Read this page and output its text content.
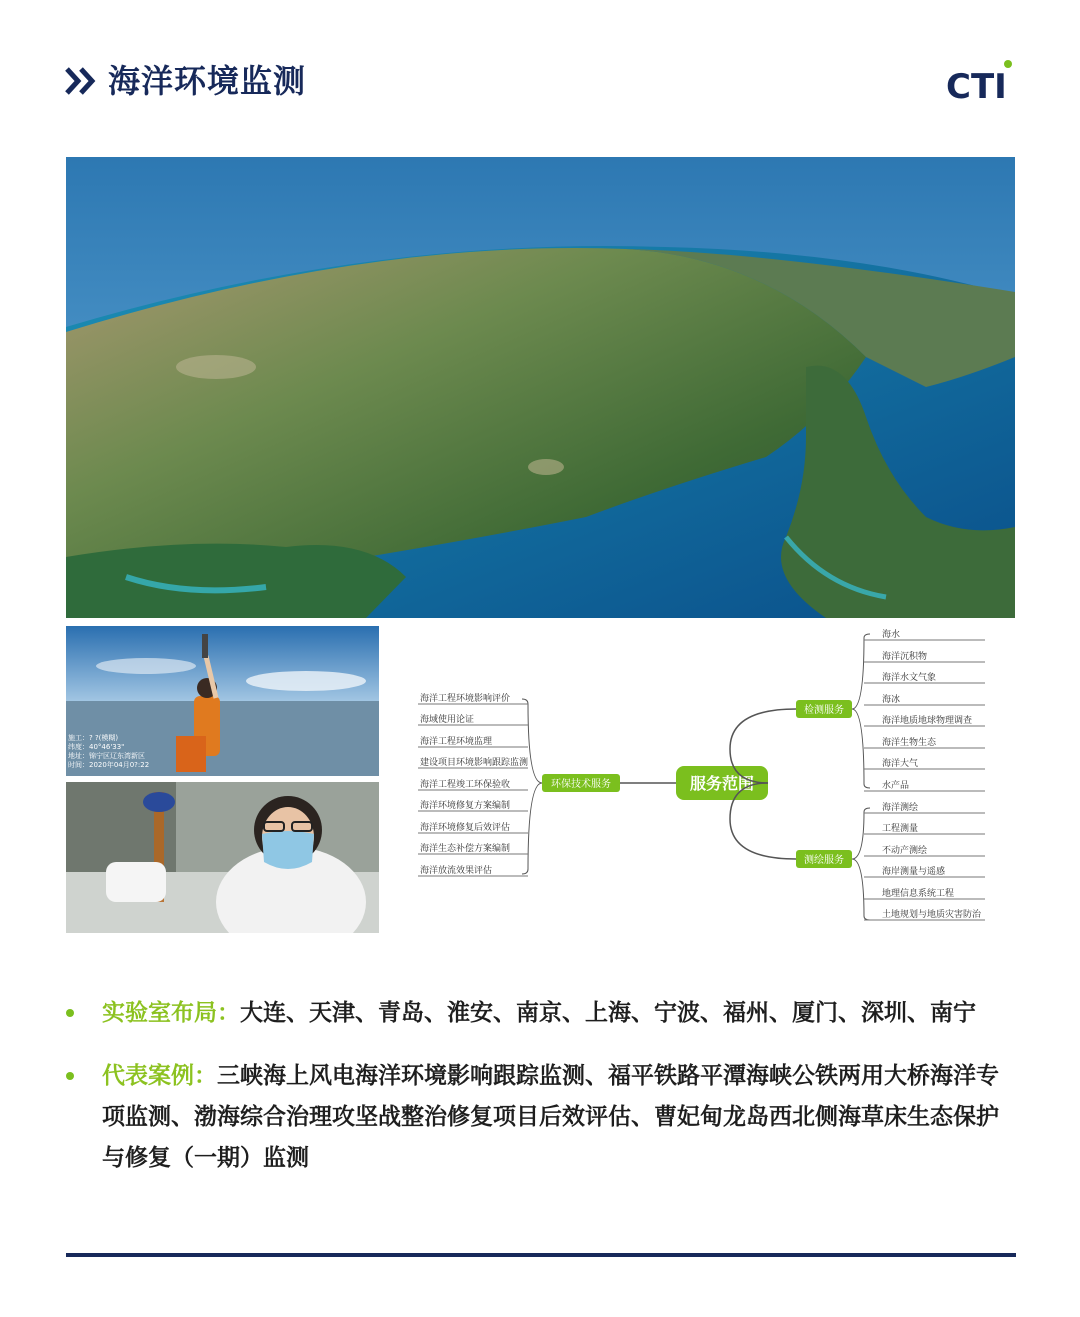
海洋环境监测	CTI
施工：? ?(模糊)
纬度：40°46'33"
地址：锦宁区辽东湾新区
时间：2020年04月0?:22
服务范围
环保技术服务
海洋工程环境影响评价
海域使用论证
海洋工程环境监理
建设项目环境影响跟踪监测
海洋工程竣工环保验收
海洋环境修复方案编制
海洋环境修复后效评估
海洋生态补偿方案编制
海洋放流效果评估
检测服务
海水
海洋沉积物
海洋水文气象
海冰
海洋地质地球物理调查
海洋生物生态
海洋大气
水产品
测绘服务
海洋测绘
工程测量
不动产测绘
海岸测量与遥感
地理信息系统工程
土地规划与地质灾害防治
实验室布局：大连、天津、青岛、淮安、南京、上海、宁波、福州、厦门、深圳、南宁
代表案例：三峡海上风电海洋环境影响跟踪监测、福平铁路平潭海峡公铁两用大桥海洋专项监测、渤海综合治理攻坚战整治修复项目后效评估、曹妃甸龙岛西北侧海草床生态保护与修复（一期）监测
